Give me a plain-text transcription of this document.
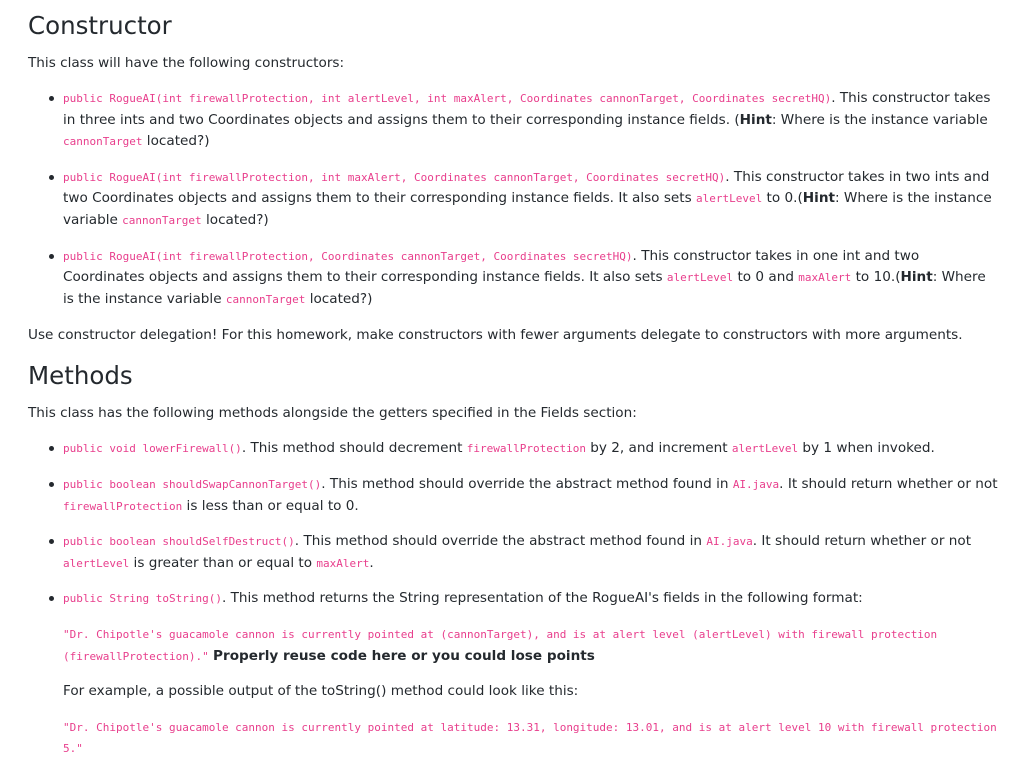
Constructor

This class will have the following constructors:

public RogueAI(int firewallProtection, int alertLevel, int maxAlert, Coordinates cannonTarget, Coordinates secretHQ). This constructor takes in three ints and two Coordinates objects and assigns them to their corresponding instance fields. (Hint: Where is the instance variable cannonTarget located?)
public RogueAI(int firewallProtection, int maxAlert, Coordinates cannonTarget, Coordinates secretHQ). This constructor takes in two ints and two Coordinates objects and assigns them to their corresponding instance fields. It also sets alertLevel to 0.(Hint: Where is the instance variable cannonTarget located?)
public RogueAI(int firewallProtection, Coordinates cannonTarget, Coordinates secretHQ). This constructor takes in one int and two Coordinates objects and assigns them to their corresponding instance fields. It also sets alertLevel to 0 and maxAlert to 10.(Hint: Where is the instance variable cannonTarget located?)

Use constructor delegation! For this homework, make constructors with fewer arguments delegate to constructors with more arguments.

Methods

This class has the following methods alongside the getters specified in the Fields section:

public void lowerFirewall(). This method should decrement firewallProtection by 2, and increment alertLevel by 1 when invoked.
public boolean shouldSwapCannonTarget(). This method should override the abstract method found in AI.java. It should return whether or not firewallProtection is less than or equal to 0.
public boolean shouldSelfDestruct(). This method should override the abstract method found in AI.java. It should return whether or not alertLevel is greater than or equal to maxAlert.
public String toString(). This method returns the String representation of the RogueAI's fields in the following format:
"Dr. Chipotle's guacamole cannon is currently pointed at (cannonTarget), and is at alert level (alertLevel) with firewall protection (firewallProtection)." Properly reuse code here or you could lose points
For example, a possible output of the toString() method could look like this:
"Dr. Chipotle's guacamole cannon is currently pointed at latitude: 13.31, longitude: 13.01, and is at alert level 10 with firewall protection 5."
